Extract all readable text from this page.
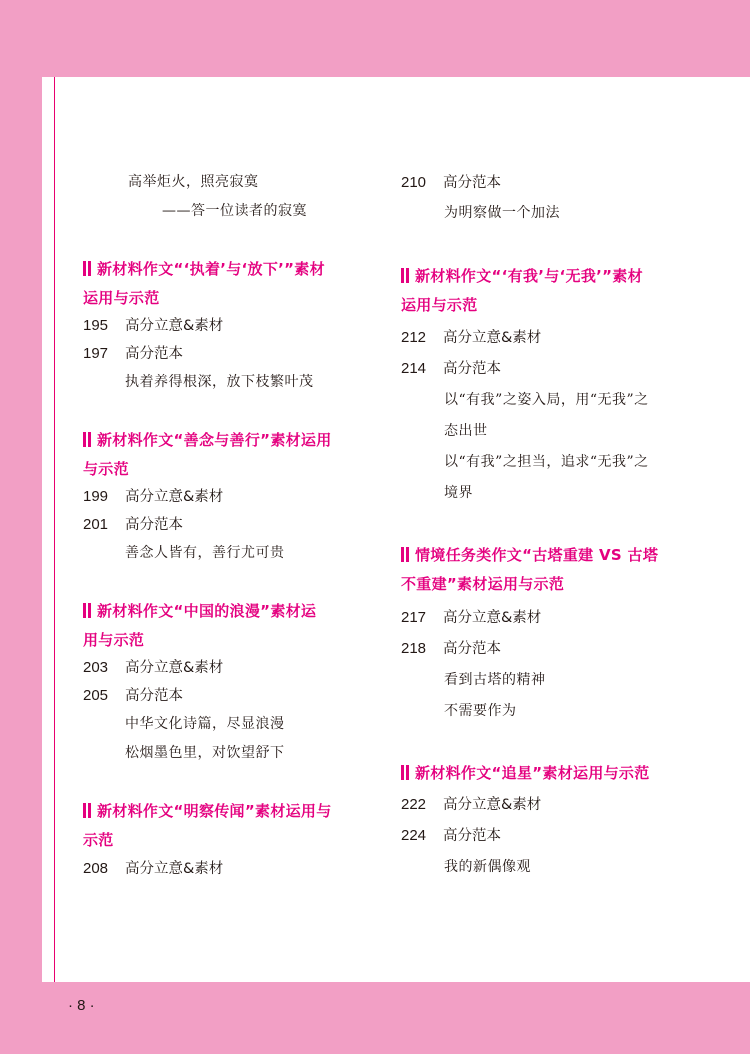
高举炬火，照亮寂寞
——答一位读者的寂寞
新材料作文“‘执着’与‘放下’”素材
运用与示范
195 高分立意&素材
197 高分范本
执着养得根深，放下枝繁叶茂
新材料作文“善念与善行”素材运用
与示范
199 高分立意&素材
201 高分范本
善念人皆有，善行尤可贵
新材料作文“中国的浪漫”素材运
用与示范
203 高分立意&素材
205 高分范本
中华文化诗篇，尽显浪漫
松烟墨色里，对饮望舒下
新材料作文“明察传闻”素材运用与
示范
208 高分立意&素材
210 高分范本
为明察做一个加法
新材料作文“‘有我’与‘无我’”素材
运用与示范
212 高分立意&素材
214 高分范本
以“有我”之姿入局，用“无我”之
态出世
以“有我”之担当，追求“无我”之
境界
情境任务类作文“古塔重建 VS 古塔
不重建”素材运用与示范
217 高分立意&素材
218 高分范本
看到古塔的精神
不需要作为
新材料作文“追星”素材运用与示范
222 高分立意&素材
224 高分范本
我的新偶像观
· 8 ·
